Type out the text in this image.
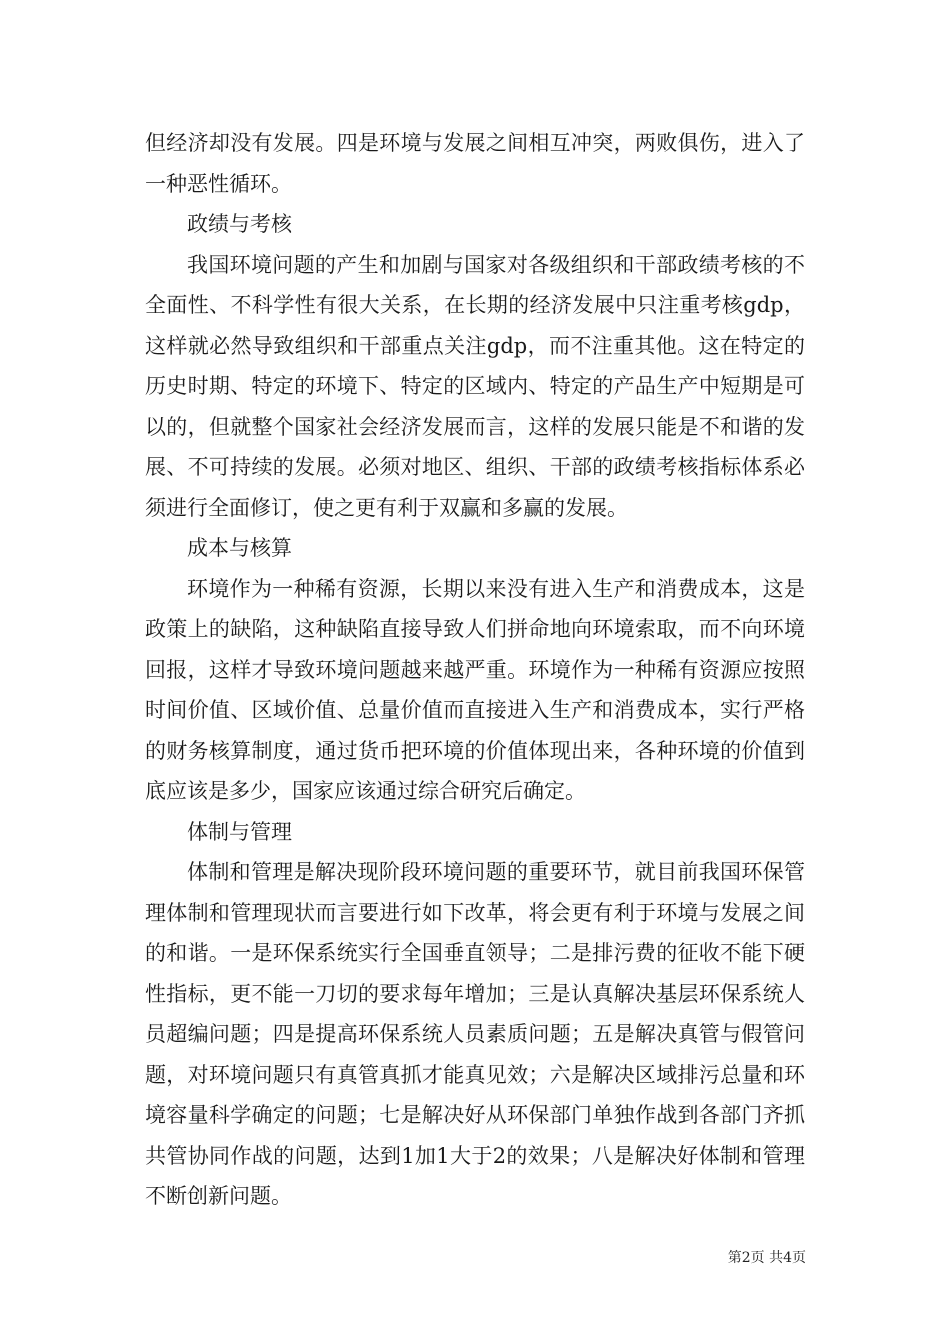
但经济却没有发展。四是环境与发展之间相互冲突，两败俱伤，进入了一种恶性循环。

政绩与考核

我国环境问题的产生和加剧与国家对各级组织和干部政绩考核的不全面性、不科学性有很大关系，在长期的经济发展中只注重考核gdp，这样就必然导致组织和干部重点关注gdp，而不注重其他。这在特定的历史时期、特定的环境下、特定的区域内、特定的产品生产中短期是可以的，但就整个国家社会经济发展而言，这样的发展只能是不和谐的发展、不可持续的发展。必须对地区、组织、干部的政绩考核指标体系必须进行全面修订，使之更有利于双赢和多赢的发展。

成本与核算

环境作为一种稀有资源，长期以来没有进入生产和消费成本，这是政策上的缺陷，这种缺陷直接导致人们拼命地向环境索取，而不向环境回报，这样才导致环境问题越来越严重。环境作为一种稀有资源应按照时间价值、区域价值、总量价值而直接进入生产和消费成本，实行严格的财务核算制度，通过货币把环境的价值体现出来，各种环境的价值到底应该是多少，国家应该通过综合研究后确定。

体制与管理

体制和管理是解决现阶段环境问题的重要环节，就目前我国环保管理体制和管理现状而言要进行如下改革，将会更有利于环境与发展之间的和谐。一是环保系统实行全国垂直领导；二是排污费的征收不能下硬性指标，更不能一刀切的要求每年增加；三是认真解决基层环保系统人员超编问题；四是提高环保系统人员素质问题；五是解决真管与假管问题，对环境问题只有真管真抓才能真见效；六是解决区域排污总量和环境容量科学确定的问题；七是解决好从环保部门单独作战到各部门齐抓共管协同作战的问题，达到1加1大于2的效果；八是解决好体制和管理不断创新问题。

第2页 共4页
